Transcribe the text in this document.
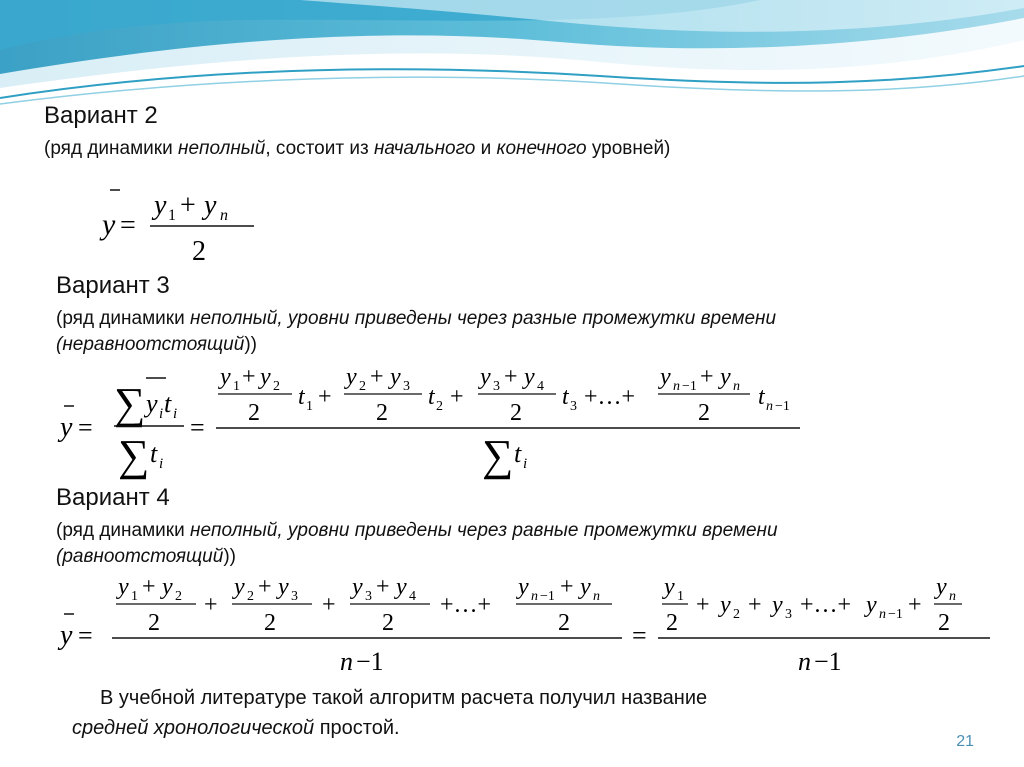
Вариант 2
(ряд динамики неполный, состоит из начального и конечного уровней)
y =
y 1 + y n
2
Вариант 3
(ряд динамики неполный, уровни приведены через разные промежутки времени
(неравноотстоящий))
y = ∑ y i t i
∑ t i
=
y 1 + y 2
2
t 1 +
y 2 + y 3
2
t 2 +
y 3 + y 4
2
t 3 +…+
y n −1 + y n
2
t n −1
∑ t i
Вариант 4
(ряд динамики неполный, уровни приведены через равные промежутки времени
(равноотстоящий))
y =
y 1 + y 2
2
+
y 2 + y 3
2
+
y 3 + y 4
2
+…+
y n −1 + y n
2
n −1
=
y 1
2
+ y 2 + y 3 +…+ y n −1 +
y n
2
n −1
В учебной литературе такой алгоритм расчета получил название
средней хронологической простой.
21
